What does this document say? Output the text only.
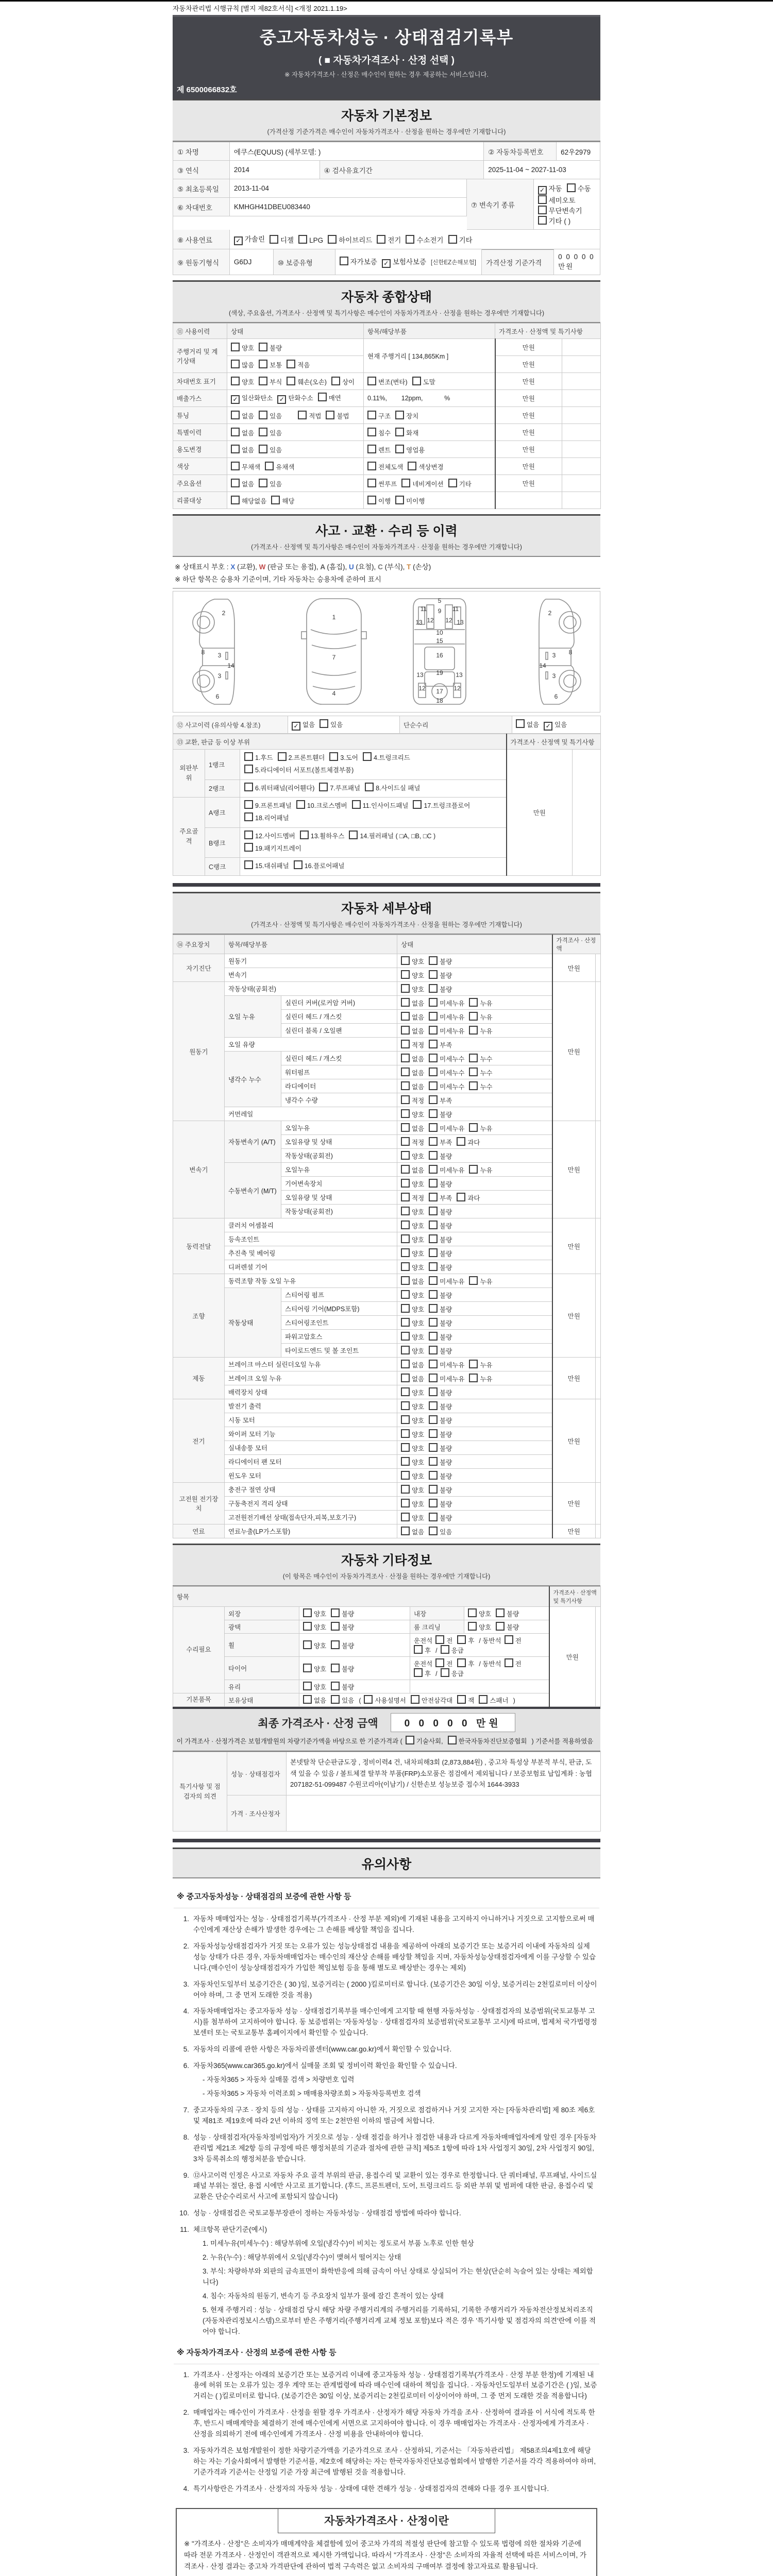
자동차관리법 시행규칙 [별지 제82호서식] <개정 2021.1.19>
중고자동차성능 · 상태점검기록부
( ■ 자동차가격조사 · 산정 선택 )
※ 자동차가격조사 · 산정은 매수인이 원하는 경우 제공하는 서비스입니다.
제 6500066832호
자동차 기본정보
(가격산정 기준가격은 매수인이 자동차가격조사 · 산정을 원하는 경우에만 기재합니다)
① 차명	에쿠스(EQUUS) (세부모델: )	② 자동차등록번호	62우2979
③ 연식	2014	④ 검사유효기간	2025-11-04 ~ 2027-11-03
⑤ 최초등록일	2013-11-04
⑥ 차대번호	KMHGH41DBEU083440	⑦ 변속기 종류
✓ 자동 수동세미오토
무단변속기기타 ( )
⑧ 사용연료	✓ 가솔린	디젤	LPG	하이브리드	전기	수소전기	기타
⑨ 원동기형식	G6DJ	⑩ 보증유형	자가보증 ✓ 보험사보증 [신한EZ손해보험]	가격산정 기준가격
0 0 0 0 0 만원
자동차 종합상태
(색상, 주요옵션, 가격조사 · 산정액 및 특기사항은 매수인이 자동차가격조사 · 산정을 원하는 경우에만 기재합니다)
⑪ 사용이력	상태	항목/해당부품	가격조사 · 산정액 및 특기사항	
주행거리 및 계기상태	양호 불량	현재 주행거리 [ 134,865Km ]	만원	
	많음 보통 적음		만원	
차대번호 표기	양호 부식 훼손(오손) 상이	변조(변타) 도말	만원	
배출가스	✓ 일산화탄소 ✓ 탄화수소 매연	0.11%,        12ppm,            %	만원	
튜닝	없음 있음 적법 불법	구조 장치	만원	
특별이력	없음 있음	침수 화재	만원	
용도변경	없음 있음	렌트 영업용	만원	
색상	무채색 유채색	전체도색 색상변경	만원	
주요옵션	없음 있음	썬루프 네비게이션 기타	만원	
리콜대상	해당없음 해당	이행 미이행		
사고 · 교환 · 수리 등 이력
(가격조사 · 산정액 및 특기사항은 매수인이 자동차가격조사 · 산정을 원하는 경우에만 기재합니다)
※ 상태표시 부호 : X (교환), W (판금 또는 용접), A (흠집), U (요철), C (부식), T (손상)
※ 하단 항목은 승용차 기준이며, 기타 자동차는 승용차에 준하여 표시
2
8 3
14
3
6
1
7
4
5
9
11	11
13 12 12 13
10
15
16
13 19 13
17
12	12
18
2
3 8
14
3
6
⑫ 사고이력 (유의사항 4.참조)	✓ 없음 있음	단순수리	없음 ✓ 있음
⑬ 교환, 판금 등 이상 부위			가격조사 · 산정액 및 특기사항	
외판부위	1랭크	1.후드 2.프론트휀더 3.도어 4.트렁크리드5.라디에이터 서포트(볼트체결부품)	만원	
	2랭크	6.쿼터패널(리어휀다) 7.루프패널 8.사이드실 패널		
주요골격	A랭크	9.프론트패널 10.크로스멤버 11.인사이드패널 17.트렁크플로어18.리어패널		
	B랭크	12.사이드멤버 13.휠하우스 14.필러패널 ( □A, □B, □C )19.패키지트레이		
	C랭크	15.대쉬패널 16.플로어패널		
자동차 세부상태
(가격조사 · 산정액 및 특기사항은 매수인이 자동차가격조사 · 산정을 원하는 경우에만 기재합니다)
⑭ 주요장치	항목/해당부품		상태	가격조사 · 산정액	
자기진단	원동기		양호 불량	만원	
	변속기		양호 불량		
원동기	작동상태(공회전)		양호 불량	만원	
	오일 누유	실린더 커버(로커암 커버)	없음 미세누유 누유		
		실린더 헤드 / 개스킷	없음 미세누유 누유		
		실린더 블록 / 오일팬	없음 미세누유 누유		
	오일 유량		적정 부족		
	냉각수 누수	실린더 헤드 / 개스킷	없음 미세누수 누수		
		워터펌프	없음 미세누수 누수		
		라디에이터	없음 미세누수 누수		
		냉각수 수량	적정 부족		
	커먼레일		양호 불량		
변속기	자동변속기 (A/T)	오일누유	없음 미세누유 누유	만원	
		오일유량 및 상태	적정 부족 과다		
		작동상태(공회전)	양호 불량		
	수동변속기 (M/T)	오일누유	없음 미세누유 누유		
		기어변속장치	양호 불량		
		오일유량 및 상태	적정 부족 과다		
		작동상태(공회전)	양호 불량		
동력전달	클러치 어셈블리		양호 불량	만원	
	등속조인트		양호 불량		
	추진축 및 베어링		양호 불량		
	디퍼렌셜 기어		양호 불량		
조향	동력조향 작동 오일 누유		없음 미세누유 누유	만원	
	작동상태	스티어링 펌프	양호 불량		
		스티어링 기어(MDPS포함)	양호 불량		
		스티어링조인트	양호 불량		
		파워고압호스	양호 불량		
		타이로드엔드 및 볼 조인트	양호 불량		
제동	브레이크 마스터 실린더오일 누유		없음 미세누유 누유	만원	
	브레이크 오일 누유		없음 미세누유 누유		
	배력장치 상태		양호 불량		
전기	발전기 출력		양호 불량	만원	
	시동 모터		양호 불량		
	와이퍼 모터 기능		양호 불량		
	실내송풍 모터		양호 불량		
	라디에이터 팬 모터		양호 불량		
	윈도우 모터		양호 불량		
고전원 전기장치	충전구 절연 상태		양호 불량	만원	
	구동축전지 격리 상태		양호 불량		
	고전원전기배선 상태(접속단자,피복,보호기구)		양호 불량		
연료	연료누출(LP가스포함)		없음 있음	만원	
자동차 기타정보
(이 항목은 매수인이 자동차가격조사 · 산정을 원하는 경우에만 기재합니다)
항목					가격조사 · 산정액 및 특기사항	
수리필요	외장	양호 불량	내장	양호 불량	만원	
	광택	양호 불량	룸 크리닝	양호 불량		
	휠	양호 불량	운전석 전 후 / 동반석 전후 / 응급			
	타이어	양호 불량	운전석 전 후 / 동반석 전후 / 응급			
	유리	양호 불량				
기본품목	보유상태	없음 있음 ( 사용설명서 안전삼각대 잭 스패너 )				
최종 가격조사 · 산정 금액	0 0 0 0 0 만원
이 가격조사 · 산정가격은 보험개발원의 차량기준가액을 바탕으로 한 기준가격과 ( 기술사회, 한국자동차진단보증협회 ) 기준서를 적용하였음
특기사항 및 점검자의 의견	성능 · 상태점검자	본넷탈착 단순판금도장 , 정비이력4 건, 내차피해3회 (2,873,884원) , 중고차 특성상 부분적 부식, 판금, 도색 있을 수 있음 / 볼트체결 탈부착 부품(FRP)소모품은 점검에서 제외됩니다 / 보증보험료 납입계좌 : 농협 207182-51-099487 수원코리아(이남기) / 신한손보 성능보증 접수처 1644-3933
	가격 · 조사산정자	
유의사항
※ 중고자동차성능 · 상태점검의 보증에 관한 사항 등
1. 자동차 매매업자는 성능 · 상태점검기록부(가격조사 · 산정 부분 제외)에 기재된 내용을 고지하지 아니하거나 거짓으로 고지함으로써 매수인에게 재산상 손해가 발생한 경우에는 그 손해를 배상할 책임을 집니다.
2. 자동차성능상태점검자가 거짓 또는 오류가 있는 성능상태점검 내용을 제공하여 아래의 보증기간 또는 보증거리 이내에 자동차의 실제 성능 상태가 다른 경우, 자동차매매업자는 매수인의 재산상 손해를 배상할 책임을 지며, 자동차성능상태점검자에게 이를 구상할 수 있습니다.(매수인이 성능상태점검자가 가입한 책임보험 등을 통해 별도로 배상받는 경우는 제외)
3. 자동차인도일부터 보증기간은 ( 30 )일, 보증거리는 ( 2000 )킬로미터로 합니다. (보증기간은 30일 이상, 보증거리는 2천킬로미터 이상이어야 하며, 그 중 먼저 도래한 것을 적용)
4. 자동차매매업자는 중고자동차 성능 · 상태점검기록부를 매수인에게 고지할 때 현행 자동차성능 · 상태점검자의 보증범위(국토교통부 고시)를 첨부하여 고지하여야 합니다. 동 보증범위는 '자동차성능 · 상태점검자의 보증범위'(국토교통부 고시)에 따르며, 법제처 국가법령정보센터 또는 국토교통부 홈페이지에서 확인할 수 있습니다.
5. 자동차의 리콜에 관한 사항은 자동차리콜센터(www.car.go.kr)에서 확인할 수 있습니다.
6. 자동차365(www.car365.go.kr)에서 실매물 조회 및 정비이력 확인을 확인할 수 있습니다.
- 자동차365 > 자동차 실매물 검색 > 차량번호 입력
- 자동차365 > 자동차 이력조회 > 매매용차량조회 > 자동차등록번호 검색
7. 중고자동차의 구조 · 장치 등의 성능 · 상태를 고지하지 아니한 자, 거짓으로 점검하거나 거짓 고지한 자는 [자동차관리법] 제 80조 제6호 및 제81조 제19호에 따라 2년 이하의 징역 또는 2천만원 이하의 벌금에 처합니다.
8. 성능 · 상태점검자(자동차정비업자)가 거짓으로 성능 · 상태 점검을 하거나 점검한 내용과 다르게 자동차매매업자에게 알린 경우 [자동차관리법 제21조 제2항 등의 규정에 따른 행정처분의 기준과 절차에 관한 규칙] 제5조 1항에 따라 1차 사업정지 30일, 2차 사업정지 90일, 3차 등록취소의 행정처분을 받습니다.
9. ⑫사고이력 인정은 사고로 자동차 주요 골격 부위의 판금, 용접수리 및 교환이 있는 경우로 한정합니다. 단 쿼터패널, 루프패널, 사이드실패널 부위는 절단, 용접 시에만 사고로 표기합니다. (후드, 프론트펜더, 도어, 트렁크리드 등 외판 부위 및 범퍼에 대한 판금, 용접수리 및 교환은 단순수리로서 사고에 포함되지 않습니다)
10. 성능 · 상태점검은 국토교통부장관이 정하는 자동차성능 · 상태점검 방법에 따라야 합니다.
11. 체크항목 판단기준(예시)
1. 미세누유(미세누수) : 해당부위에 오일(냉각수)이 비치는 정도로서 부품 노후로 인한 현상
2. 누유(누수) : 해당부위에서 오일(냉각수)이 맺혀서 떨어지는 상태
3. 부식: 차량하부와 외판의 금속표면이 화학반응에 의해 금속이 아닌 상태로 상실되어 가는 현상(단순히 녹슬어 있는 상태는 제외합니다)
4. 침수: 자동차의 원동기, 변속기 등 주요장치 일부가 물에 잠긴 흔적이 있는 상태
5. 현재 주행거리 : 성능 · 상태점검 당시 해당 차량 주행거리계의 주행거리를 기록하되, 기록한 주행거리가 자동차전산정보처리조직(자동차관리정보시스템)으로부터 받은 주행거리(주행거리계 교체 정보 포함)보다 적은 경우 '특기사항 및 점검자의 의견'란에 이를 적어야 합니다.
※ 자동차가격조사 · 산정의 보증에 관한 사항 등
1. 가격조사 · 산정자는 아래의 보증기간 또는 보증거리 이내에 중고자동차 성능 · 상태점검기록부(가격조사 · 산정 부분 한정)에 기재된 내용에 허위 또는 오류가 있는 경우 계약 또는 관계법령에 따라 매수인에 대하여 책임을 집니다. · 자동차인도일부터 보증기간은 ( )일, 보증거리는 ( )킬로미터로 합니다. (보증기간은 30일 이상, 보증거리는 2천킬로미터 이상이어야 하며, 그 중 먼저 도래한 것을 적용합니다)
2. 매매업자는 매수인이 가격조사 · 산정을 원할 경우 가격조사 · 산정자가 해당 자동차 가격을 조사 · 산정하여 결과를 이 서식에 적도록 한 후, 반드시 매매계약을 체결하기 전에 매수인에게 서면으로 고지하여야 합니다. 이 경우 매매업자는 가격조사 · 산정자에게 가격조사 · 산정을 의뢰하기 전에 매수인에게 가격조사 · 산정 비용을 안내하여야 합니다.
3. 자동차가격은 보험개발원이 정한 차량기준가액을 기준가격으로 조사 · 산정하되, 기준서는 「자동차관리법」 제58조의4제1호에 해당하는 자는 기술사회에서 발행한 기준서를, 제2호에 해당하는 자는 한국자동차진단보증협회에서 발행한 기준서를 각각 적용하여야 하며, 기준가격과 기준서는 산정일 기준 가장 최근에 발행된 것을 적용합니다.
4. 특기사항란은 가격조사 · 산정자의 자동차 성능 · 상태에 대한 견해가 성능 · 상태점검자의 견해와 다를 경우 표시합니다.
자동차가격조사 · 산정이란
※ "가격조사 · 산정"은 소비자가 매매계약을 체결함에 있어 중고차 가격의 적절성 판단에 참고할 수 있도록 법령에 의한 절차와 기준에 따라 전문 가격조사 · 산정인이 객관적으로 제시한 가액입니다. 따라서 "가격조사 · 산정"은 소비자의 자율적 선택에 따른 서비스이며, 가격조사 · 산정 결과는 중고차 가격판단에 관하여 법적 구속력은 없고 소비자의 구매여부 결정에 참고자료로 활용됩니다.
